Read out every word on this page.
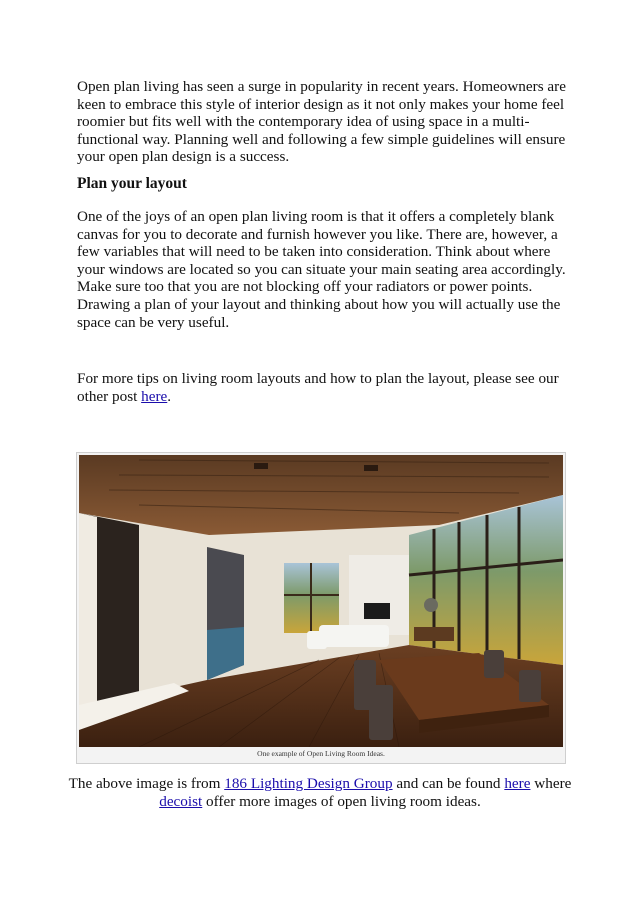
Open plan living has seen a surge in popularity in recent years. Homeowners are keen to embrace this style of interior design as it not only makes your home feel roomier but fits well with the contemporary idea of using space in a multi-functional way. Planning well and following a few simple guidelines will ensure your open plan design is a success.

Plan your layout

One of the joys of an open plan living room is that it offers a completely blank canvas for you to decorate and furnish however you like. There are, however, a few variables that will need to be taken into consideration. Think about where your windows are located so you can situate your main seating area accordingly. Make sure too that you are not blocking off your radiators or power points. Drawing a plan of your layout and thinking about how you will actually use the space can be very useful.

For more tips on living room layouts and how to plan the layout, please see our other post here.

One example of Open Living Room Ideas.

The above image is from 186 Lighting Design Group and can be found here where decoist offer more images of open living room ideas.
